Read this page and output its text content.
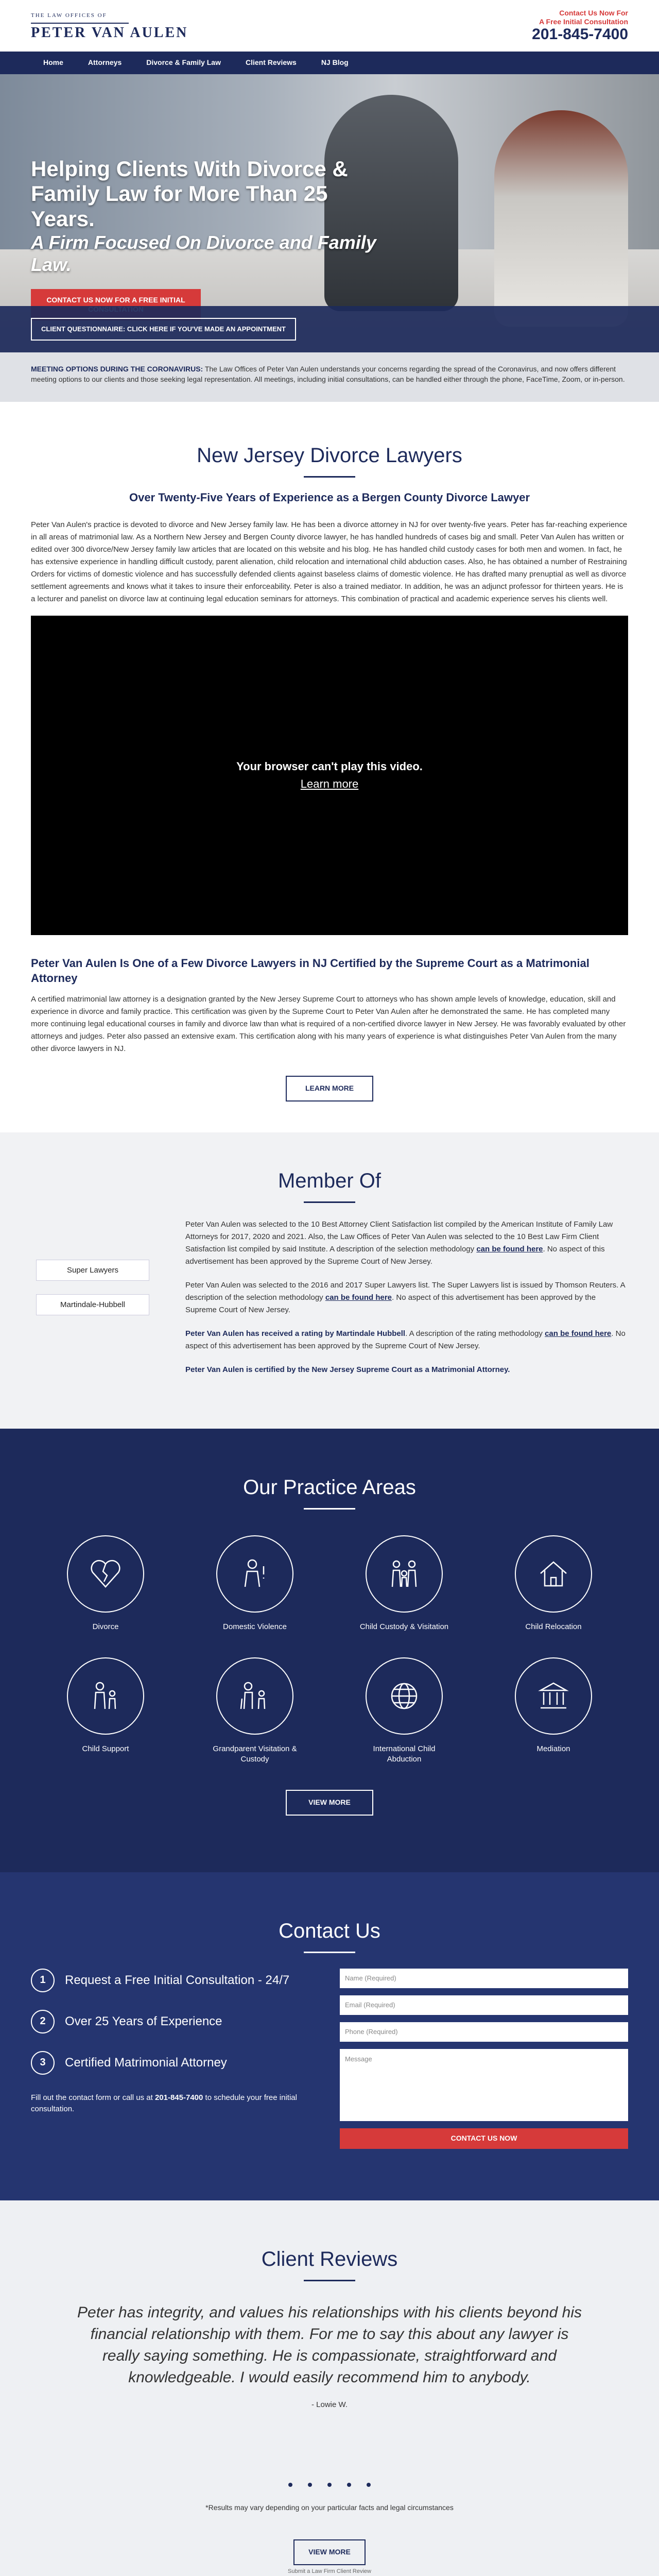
THE LAW OFFICES OF
PETER VAN AULEN
Contact Us Now For
A Free Initial Consultation
201-845-7400
Home	Attorneys	Divorce & Family Law	Client Reviews	NJ Blog
Helping Clients With Divorce & Family Law for More Than 25 Years.
A Firm Focused On Divorce and Family Law.
CONTACT US NOW FOR A FREE INITIAL
CLIENT QUESTIONNAIRE: CLICK HERE IF YOU'VE MADE AN APPOINTMENT
MEETING OPTIONS DURING THE CORONAVIRUS: The Law Offices of Peter Van Aulen understands your concerns regarding the spread of the Coronavirus, and now offers different meeting options to our clients and those seeking legal representation. All meetings, including initial consultations, can be handled either through the phone, FaceTime, Zoom, or in-person.
New Jersey Divorce Lawyers
Over Twenty-Five Years of Experience as a Bergen County Divorce Lawyer

Peter Van Aulen's practice is devoted to divorce and New Jersey family law. He has been a divorce attorney in NJ for over twenty-five years. Peter has far-reaching experience in all areas of matrimonial law. As a Northern New Jersey and Bergen County divorce lawyer, he has handled hundreds of cases big and small. Peter Van Aulen has written or edited over 300 divorce/New Jersey family law articles that are located on this website and his blog. He has handled child custody cases for both men and women. In fact, he has extensive experience in handling difficult custody, parent alienation, child relocation and international child abduction cases. Also, he has obtained a number of Restraining Orders for victims of domestic violence and has successfully defended clients against baseless claims of domestic violence. He has drafted many prenuptial as well as divorce settlement agreements and knows what it takes to insure their enforceability. Peter is also a trained mediator. In addition, he was an adjunct professor for thirteen years. He is a lecturer and panelist on divorce law at continuing legal education seminars for attorneys. This combination of practical and academic experience serves his clients well.

Your browser can't play this video.
Learn more
Peter Van Aulen Is One of a Few Divorce Lawyers in NJ Certified by the Supreme Court as a Matrimonial Attorney

A certified matrimonial law attorney is a designation granted by the New Jersey Supreme Court to attorneys who has shown ample levels of knowledge, education, skill and experience in divorce and family practice. This certification was given by the Supreme Court to Peter Van Aulen after he demonstrated the same. He has completed many more continuing legal educational courses in family and divorce law than what is required of a non-certified divorce lawyer in New Jersey. He was favorably evaluated by other attorneys and judges. Peter also passed an extensive exam. This certification along with his many years of experience is what distinguishes Peter Van Aulen from the many other divorce lawyers in NJ.

LEARN MORE
Member Of
Super Lawyers
Martindale-Hubbell

Peter Van Aulen was selected to the 10 Best Attorney Client Satisfaction list compiled by the American Institute of Family Law Attorneys for 2017, 2020 and 2021. Also, the Law Offices of Peter Van Aulen was selected to the 10 Best Law Firm Client Satisfaction list compiled by said Institute. A description of the selection methodology can be found here. No aspect of this advertisement has been approved by the Supreme Court of New Jersey.

Peter Van Aulen was selected to the 2016 and 2017 Super Lawyers list. The Super Lawyers list is issued by Thomson Reuters. A description of the selection methodology can be found here. No aspect of this advertisement has been approved by the Supreme Court of New Jersey.

Peter Van Aulen has received a rating by Martindale Hubbell. A description of the rating methodology can be found here. No aspect of this advertisement has been approved by the Supreme Court of New Jersey.

Peter Van Aulen is certified by the New Jersey Supreme Court as a Matrimonial Attorney.

Our Practice Areas
Divorce	Domestic Violence	Child Custody & Visitation	Child Relocation
Child Support	Grandparent Visitation & Custody
International Child Abduction
Mediation
VIEW MORE
Contact Us
1	Request a Free Initial Consultation - 24/7
2	Over 25 Years of Experience
3	Certified Matrimonial Attorney

Fill out the contact form or call us at 201-845-7400 to schedule your free initial consultation.

Name (Required)
Email (Required)
Phone (Required)
Message
CONTACT US NOW
Client Reviews

Peter has integrity, and values his relationships with his clients beyond his financial relationship with them. For me to say this about any lawyer is really saying something. He is compassionate, straightforward and knowledgeable. I would easily recommend him to anybody.

- Lowie W.

*Results may vary depending on your particular facts and legal circumstances

VIEW MORE
Submit a Law Firm Client Review
